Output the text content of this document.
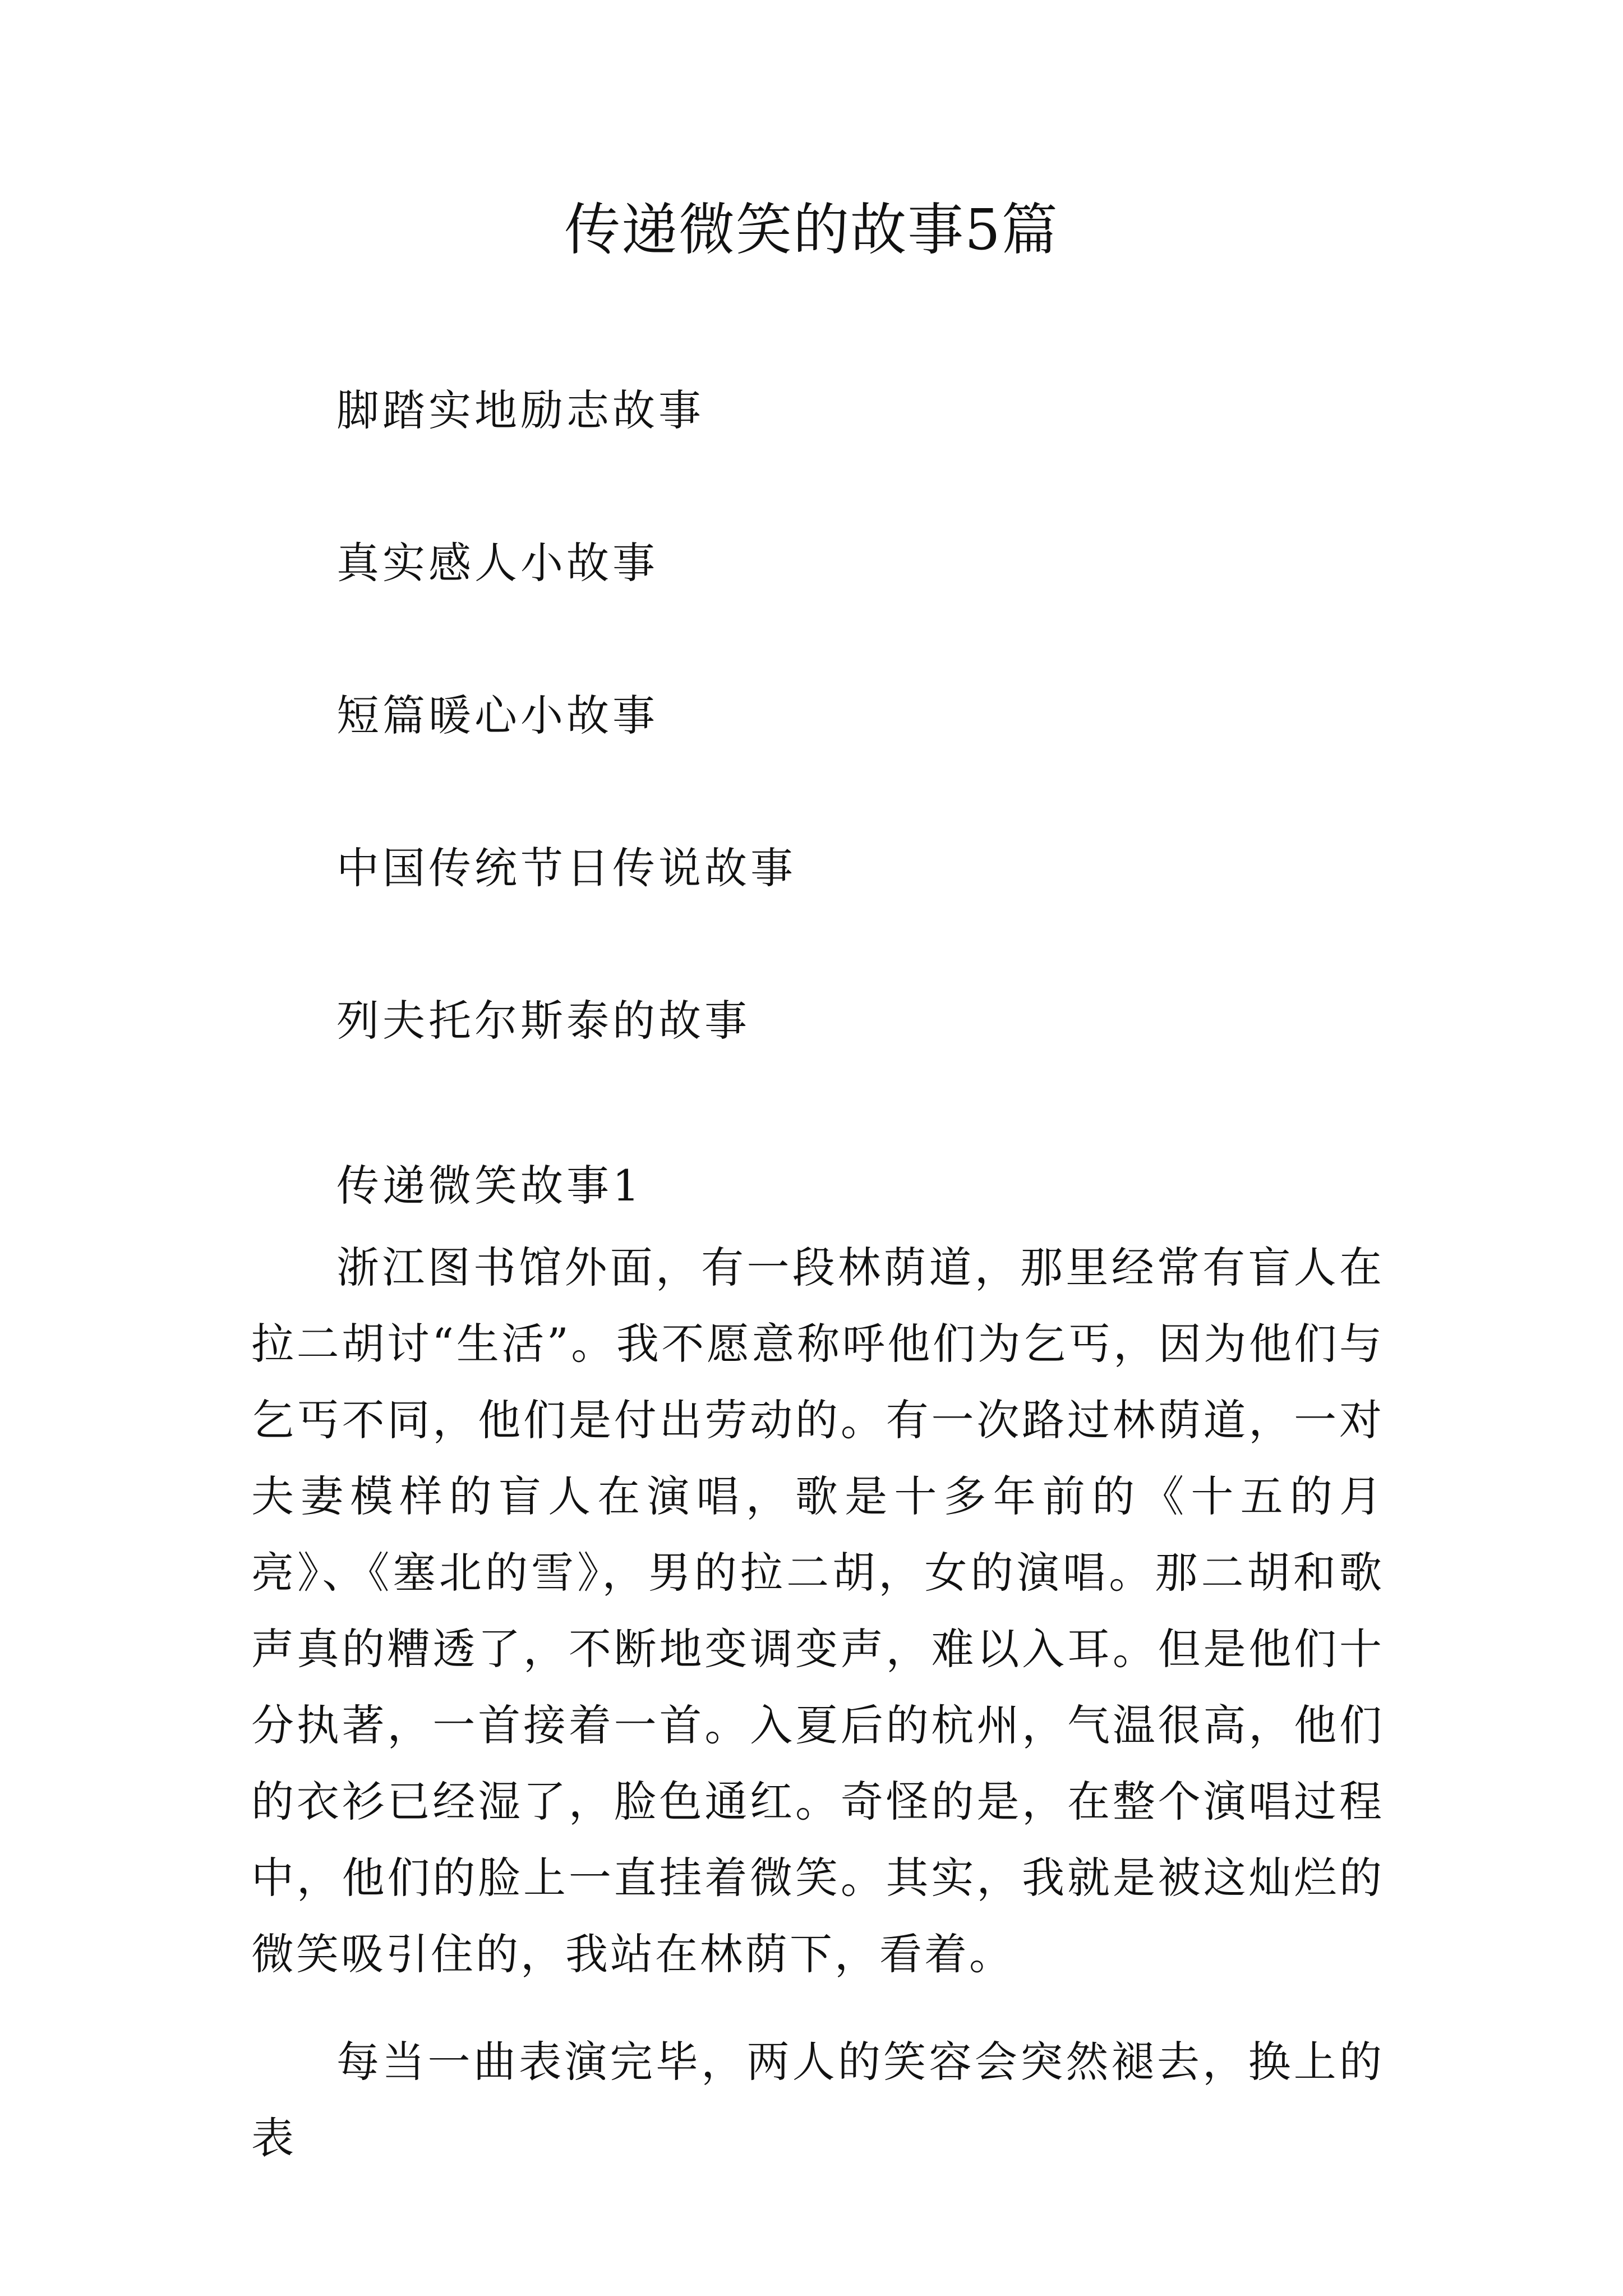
传递微笑的故事5篇
脚踏实地励志故事
真实感人小故事
短篇暖心小故事
中国传统节日传说故事
列夫托尔斯泰的故事
传递微笑故事1

浙江图书馆外面，有一段林荫道，那里经常有盲人在拉二胡讨“生活”。我不愿意称呼他们为乞丐，因为他们与乞丐不同，他们是付出劳动的。有一次路过林荫道，一对夫妻模样的盲人在演唱，歌是十多年前的《十五的月亮》、《塞北的雪》，男的拉二胡，女的演唱。那二胡和歌声真的糟透了，不断地变调变声，难以入耳。但是他们十分执著，一首接着一首。入夏后的杭州，气温很高，他们的衣衫已经湿了，脸色通红。奇怪的是，在整个演唱过程中，他们的脸上一直挂着微笑。其实，我就是被这灿烂的微笑吸引住的，我站在林荫下，看着。

每当一曲表演完毕，两人的笑容会突然褪去，换上的表
